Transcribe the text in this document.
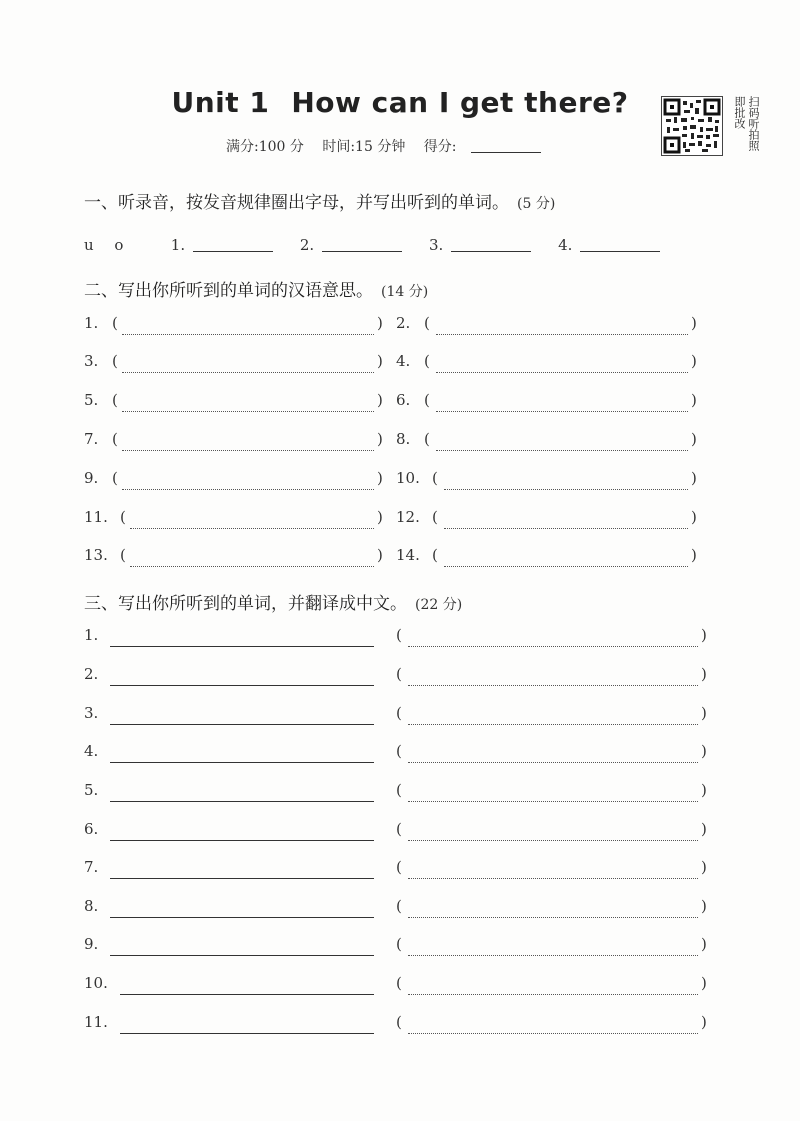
Unit 1 How can I get there?
满分:100 分 时间:15 分钟 得分:	扫码听拍照即批改
一、听录音，按发音规律圈出字母，并写出听到的单词。 (5 分)
u o	1.	2.	3.	4.
二、写出你所听到的单词的汉语意思。 (14 分)
1. (	) 2. (	)
3. (	) 4. (	)
5. (	) 6. (	)
7. (	) 8. (	)
9. (	) 10. (	)
11. (	) 12. (	)
13. (	) 14. (	)
三、写出你所听到的单词，并翻译成中文。 (22 分)
1.	(	)
2.	(	)
3.	(	)
4.	(	)
5.	(	)
6.	(	)
7.	(	)
8.	(	)
9.	(	)
10.	(	)
11.	(	)
